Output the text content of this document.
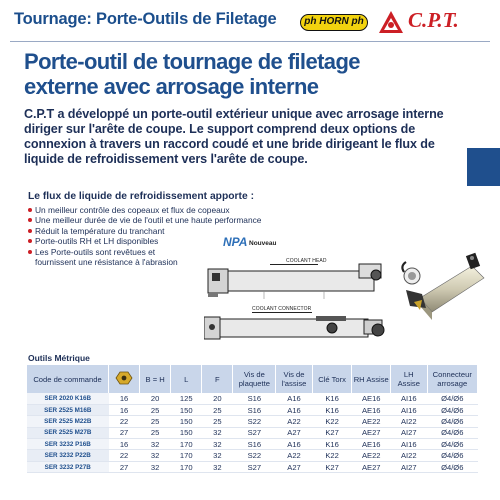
Tournage: Porte-Outils de Filetage	ph HORN ph C.P.T.
Porte-outil de tournage de filetage
externe avec arrosage interne
C.P.T a développé un porte-outil extérieur unique avec arrosage interne
diriger sur l'arête de coupe. Le support comprend deux options de
connexion à travers un raccord coudé et une bride dirigeant le flux de
liquide de refroidissement vers l'arête de coupe.
Le flux de liquide de refroidissement apporte :
Un meilleur contrôle des copeaux et flux de copeaux
Une meilleur durée de vie de l'outil et une haute performance
Réduit la température du tranchant
Porte-outils RH et LH disponibles
Les Porte-outils sont revêtues et
fournissent une résistance à l'abrasion
NPA Nouveau
COOLANT HEAD
COOLANT CONNECTOR
Outils Métrique
Code de commande		B = H	L	F	Vis de plaquette	Vis de l'assise	Clé Torx	RH Assise	LH Assise	Connecteur arrosage
SER 2020 K16B	16	20	125	20	S16	A16	K16	AE16	AI16	Ø4/Ø6
SER 2525 M16B	16	25	150	25	S16	A16	K16	AE16	AI16	Ø4/Ø6
SER 2525 M22B	22	25	150	25	S22	A22	K22	AE22	AI22	Ø4/Ø6
SER 2525 M27B	27	25	150	32	S27	A27	K27	AE27	AI27	Ø4/Ø6
SER 3232 P16B	16	32	170	32	S16	A16	K16	AE16	AI16	Ø4/Ø6
SER 3232 P22B	22	32	170	32	S22	A22	K22	AE22	AI22	Ø4/Ø6
SER 3232 P27B	27	32	170	32	S27	A27	K27	AE27	AI27	Ø4/Ø6
